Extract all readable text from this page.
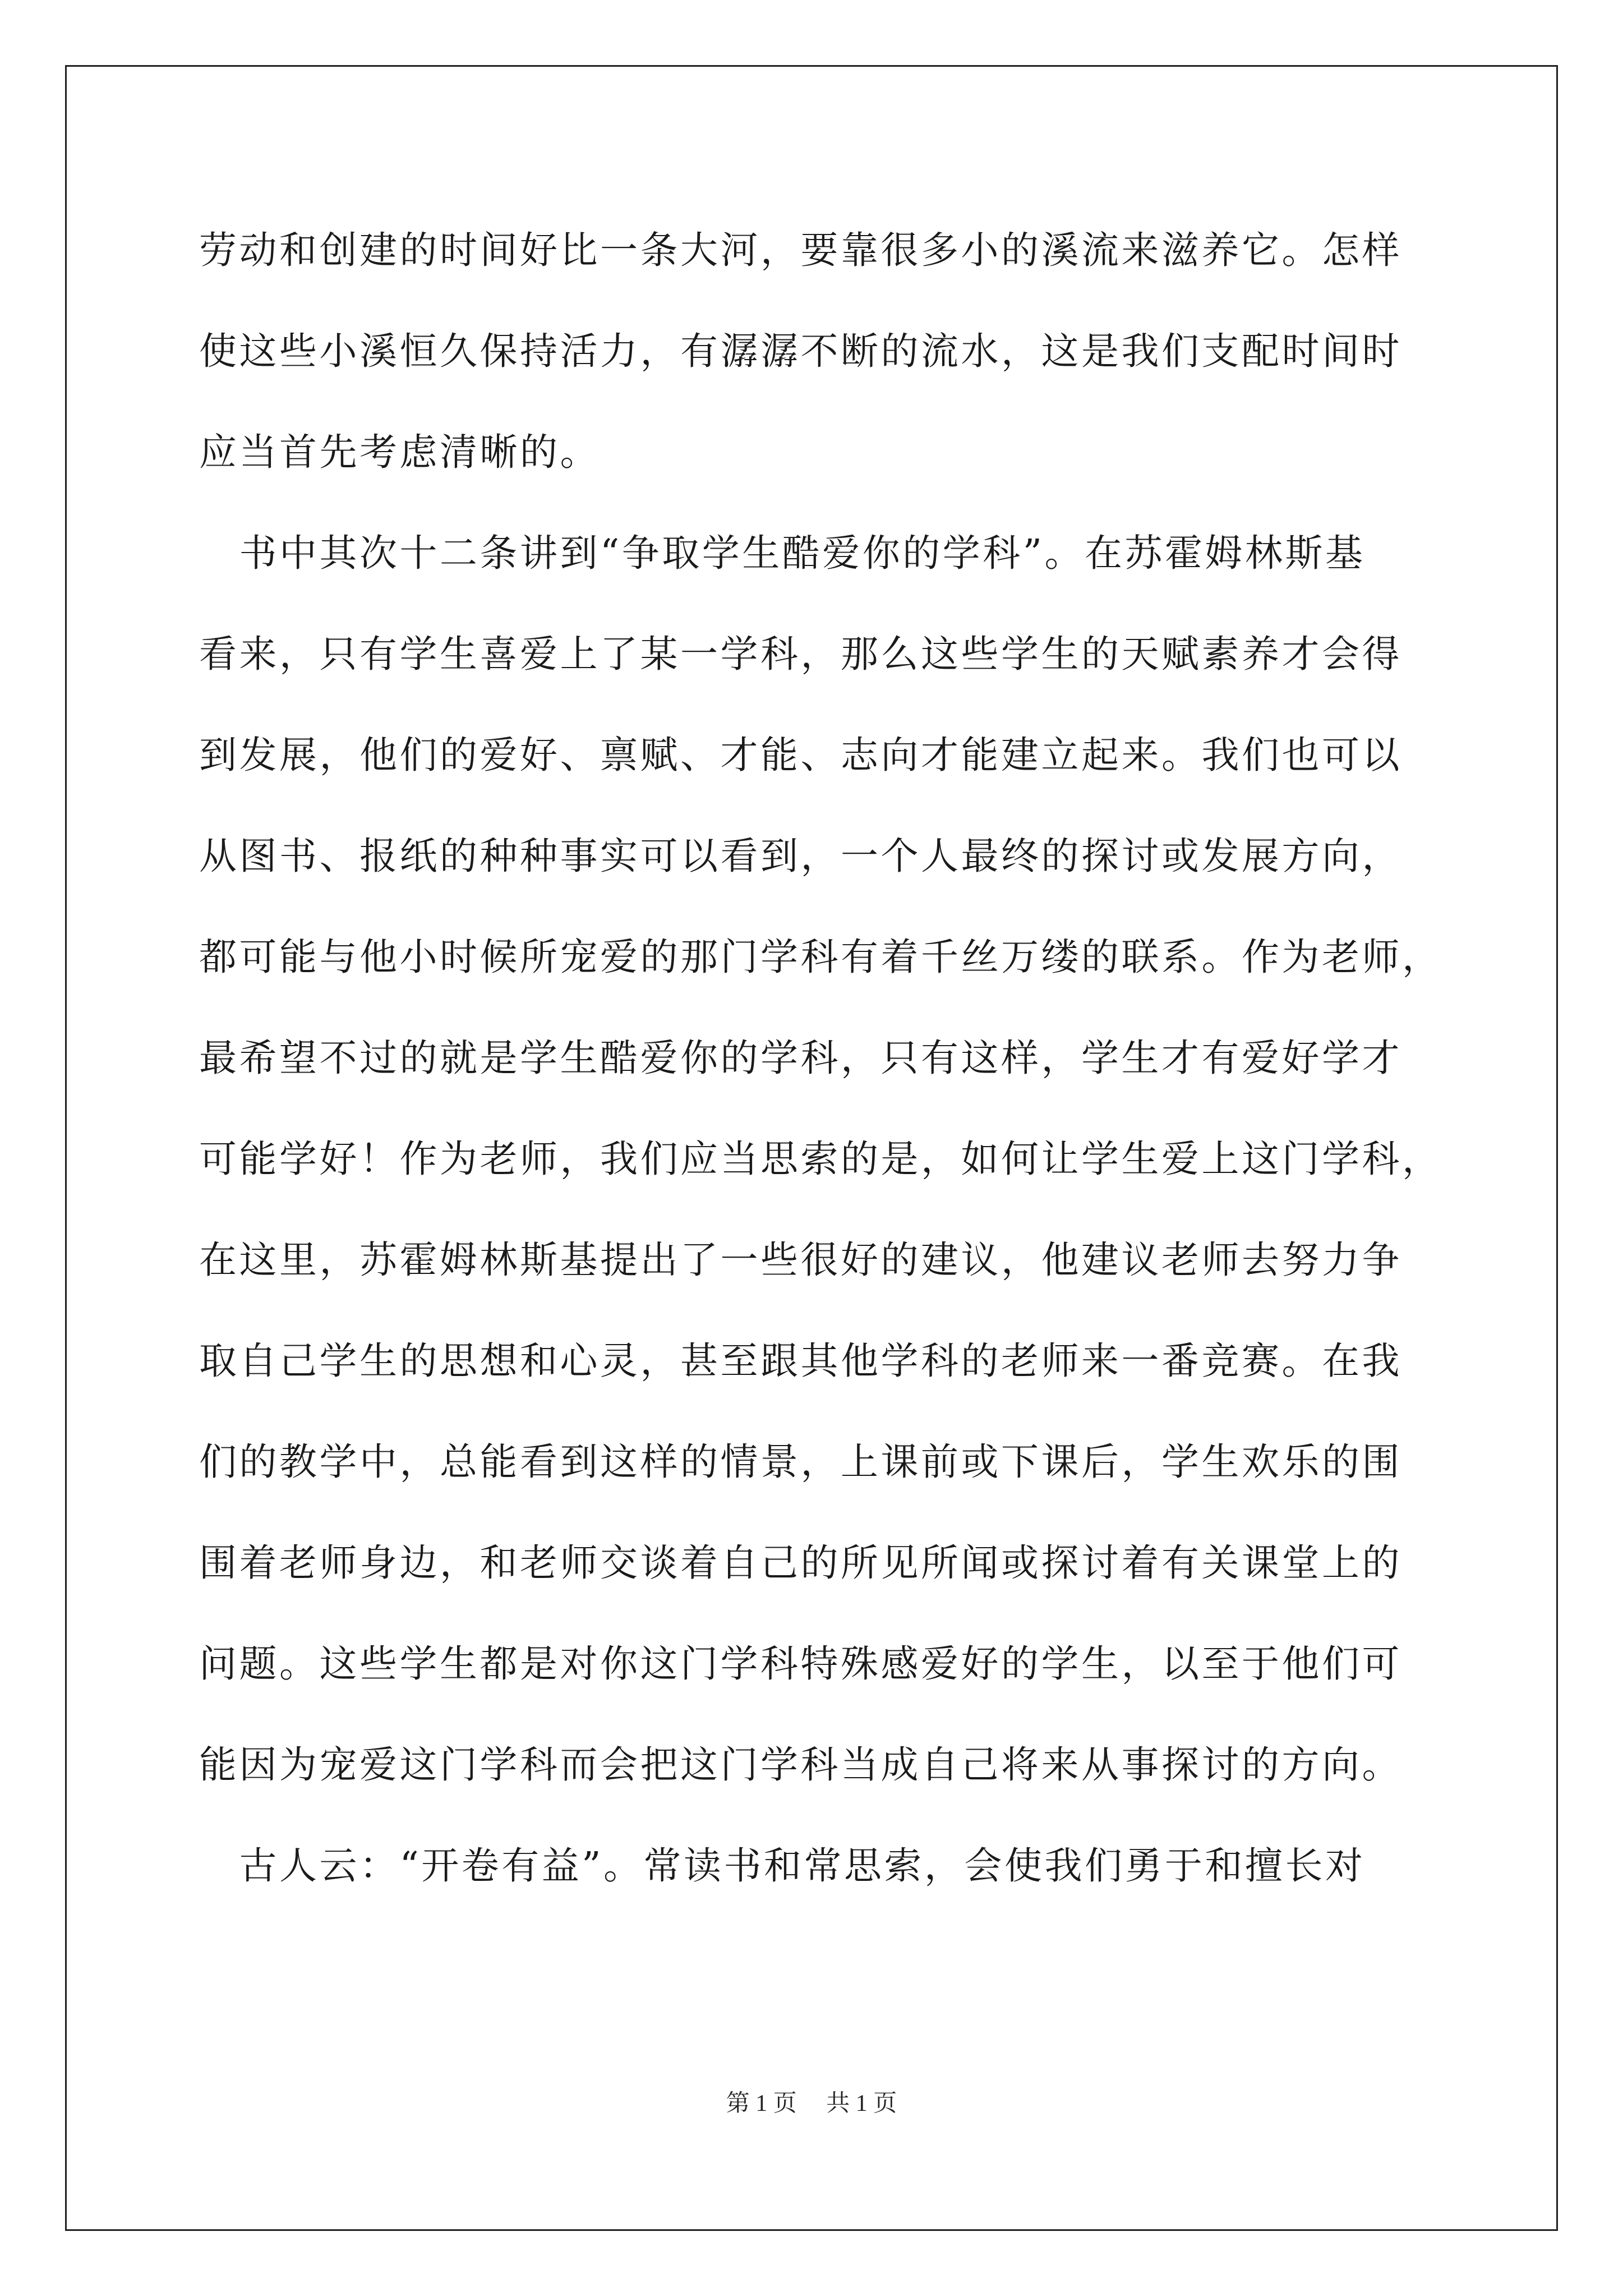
劳动和创建的时间好比一条大河，要靠很多小的溪流来滋养它。怎样
使这些小溪恒久保持活力，有潺潺不断的流水，这是我们支配时间时
应当首先考虑清晰的。
　书中其次十二条讲到“争取学生酷爱你的学科”。在苏霍姆林斯基
看来，只有学生喜爱上了某一学科，那么这些学生的天赋素养才会得
到发展，他们的爱好、禀赋、才能、志向才能建立起来。我们也可以
从图书、报纸的种种事实可以看到，一个人最终的探讨或发展方向，
都可能与他小时候所宠爱的那门学科有着千丝万缕的联系。作为老师，
最希望不过的就是学生酷爱你的学科，只有这样，学生才有爱好学才
可能学好！作为老师，我们应当思索的是，如何让学生爱上这门学科，
在这里，苏霍姆林斯基提出了一些很好的建议，他建议老师去努力争
取自己学生的思想和心灵，甚至跟其他学科的老师来一番竞赛。在我
们的教学中，总能看到这样的情景，上课前或下课后，学生欢乐的围
围着老师身边，和老师交谈着自己的所见所闻或探讨着有关课堂上的
问题。这些学生都是对你这门学科特殊感爱好的学生，以至于他们可
能因为宠爱这门学科而会把这门学科当成自己将来从事探讨的方向。
　古人云：“开卷有益”。常读书和常思索，会使我们勇于和擅长对
第 1 页　 共 1 页
